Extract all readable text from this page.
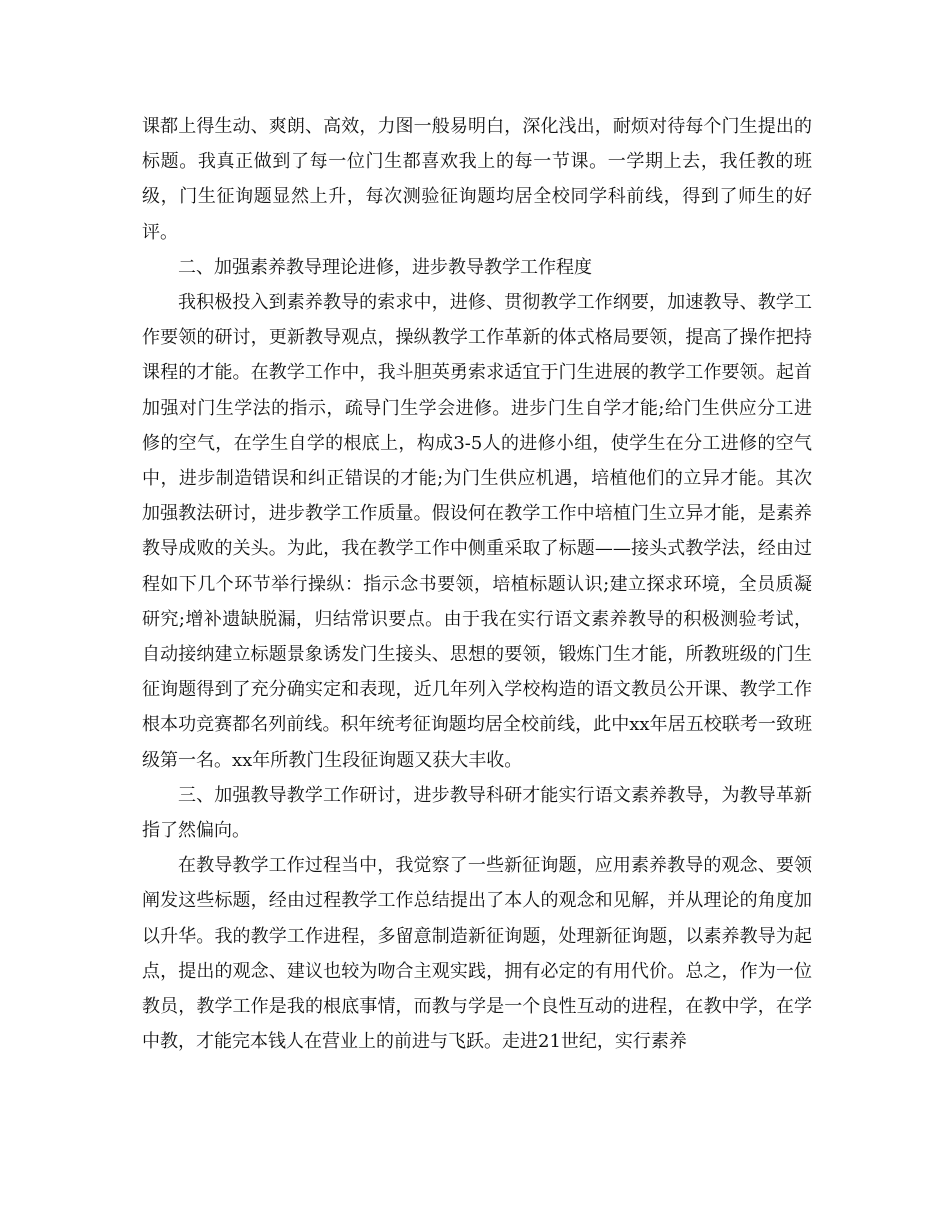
课都上得生动、爽朗、高效，力图一般易明白，深化浅出，耐烦对待每个门生提出的标题。我真正做到了每一位门生都喜欢我上的每一节课。一学期上去，我任教的班级，门生征询题显然上升，每次测验征询题均居全校同学科前线，得到了师生的好评。

二、加强素养教导理论进修，进步教导教学工作程度

我积极投入到素养教导的索求中，进修、贯彻教学工作纲要，加速教导、教学工作要领的研讨，更新教导观点，操纵教学工作革新的体式格局要领，提高了操作把持课程的才能。在教学工作中，我斗胆英勇索求适宜于门生进展的教学工作要领。起首加强对门生学法的指示，疏导门生学会进修。进步门生自学才能;给门生供应分工进修的空气，在学生自学的根底上，构成3-5人的进修小组，使学生在分工进修的空气中，进步制造错误和纠正错误的才能;为门生供应机遇，培植他们的立异才能。其次加强教法研讨，进步教学工作质量。假设何在教学工作中培植门生立异才能，是素养教导成败的关头。为此，我在教学工作中侧重采取了标题——接头式教学法，经由过程如下几个环节举行操纵：指示念书要领，培植标题认识;建立探求环境，全员质凝研究;增补遗缺脱漏，归结常识要点。由于我在实行语文素养教导的积极测验考试，自动接纳建立标题景象诱发门生接头、思想的要领，锻炼门生才能，所教班级的门生征询题得到了充分确实定和表现，近几年列入学校构造的语文教员公开课、教学工作根本功竞赛都名列前线。积年统考征询题均居全校前线，此中xx年居五校联考一致班级第一名。xx年所教门生段征询题又获大丰收。

三、加强教导教学工作研讨，进步教导科研才能实行语文素养教导，为教导革新指了然偏向。

在教导教学工作过程当中，我觉察了一些新征询题，应用素养教导的观念、要领阐发这些标题，经由过程教学工作总结提出了本人的观念和见解，并从理论的角度加以升华。我的教学工作进程，多留意制造新征询题，处理新征询题，以素养教导为起点，提出的观念、建议也较为吻合主观实践，拥有必定的有用代价。总之，作为一位教员，教学工作是我的根底事情，而教与学是一个良性互动的进程，在教中学，在学中教，才能完本钱人在营业上的前进与飞跃。走进21世纪，实行素养
